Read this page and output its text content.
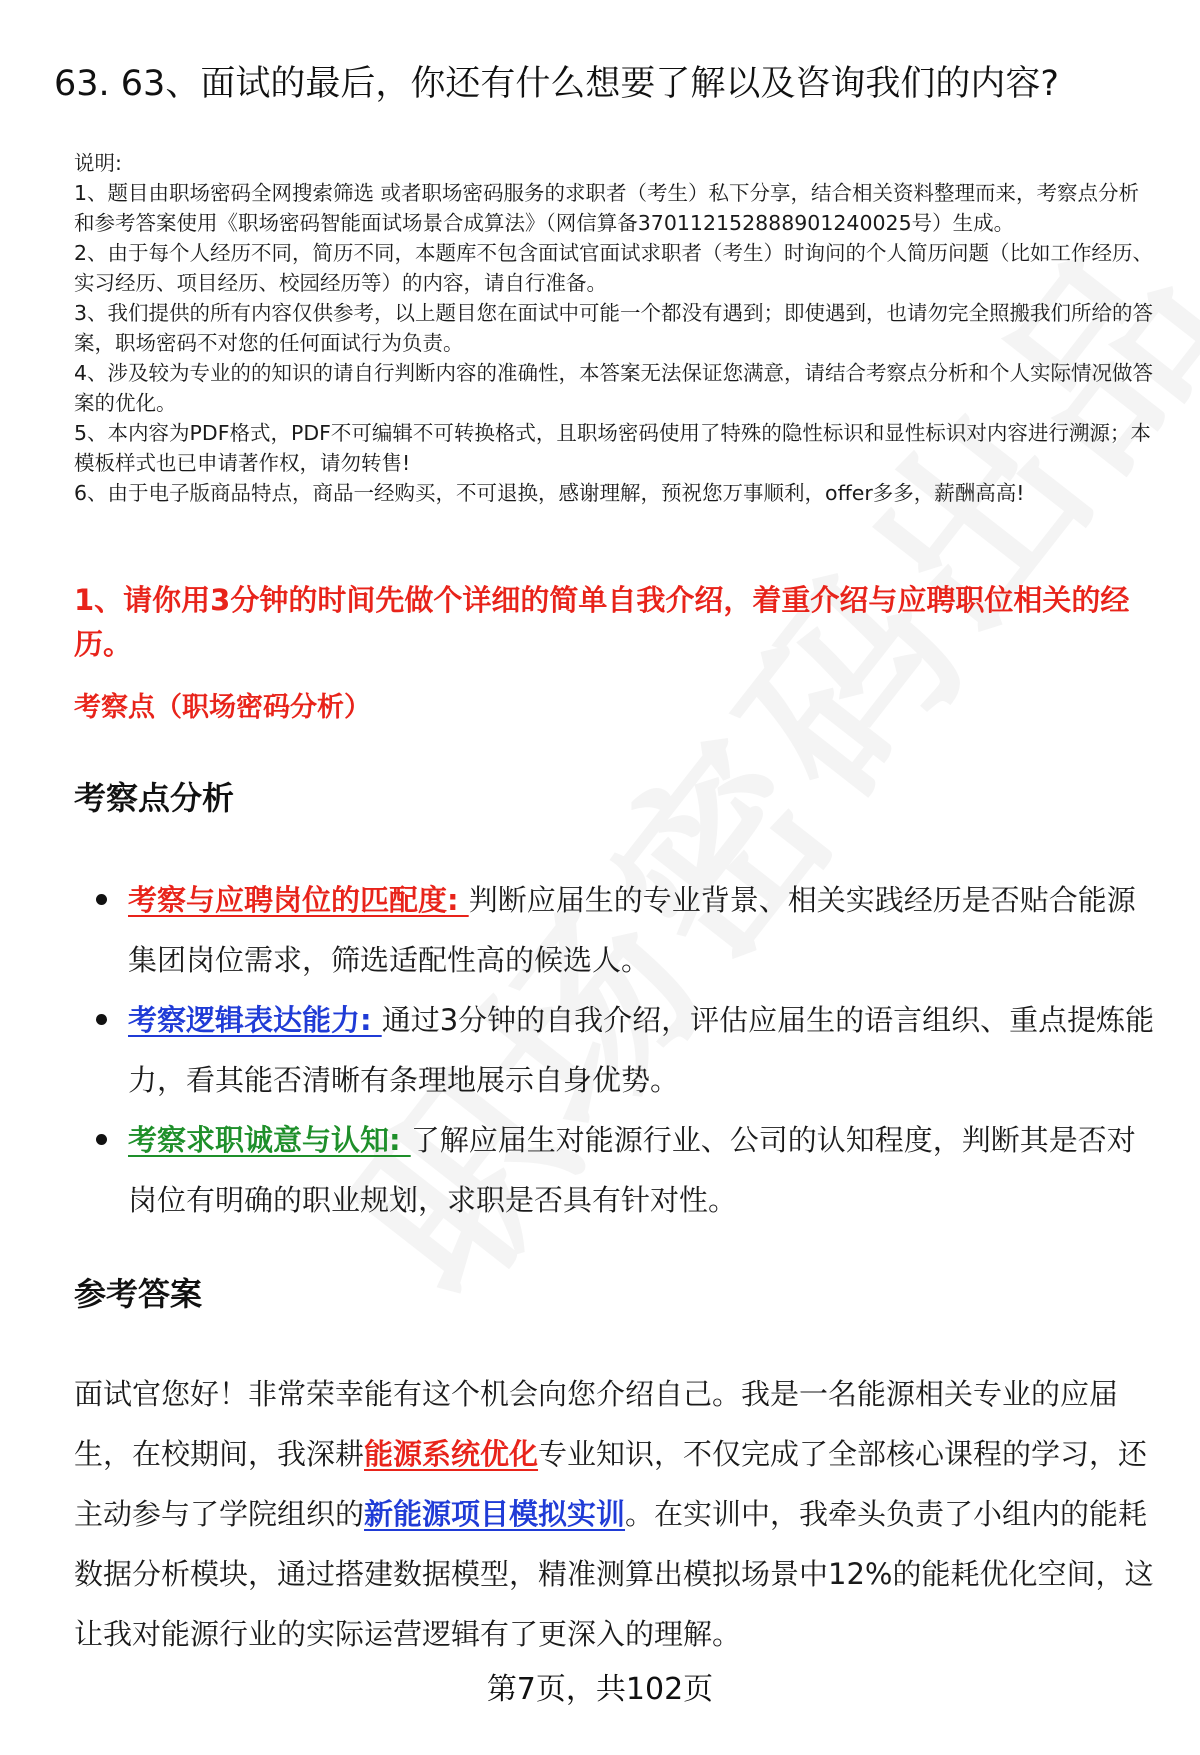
63. 63、面试的最后，你还有什么想要了解以及咨询我们的内容?

说明:

1、题目由职场密码全网搜索筛选 或者职场密码服务的求职者（考生）私下分享，结合相关资料整理而来，考察点分析和参考答案使用《职场密码智能面试场景合成算法》（网信算备370112152888901240025号）生成。

2、由于每个人经历不同，简历不同，本题库不包含面试官面试求职者（考生）时询问的个人简历问题（比如工作经历、实习经历、项目经历、校园经历等）的内容，请自行准备。

3、我们提供的所有内容仅供参考，以上题目您在面试中可能一个都没有遇到；即使遇到，也请勿完全照搬我们所给的答案，职场密码不对您的任何面试行为负责。

4、涉及较为专业的的知识的请自行判断内容的准确性，本答案无法保证您满意，请结合考察点分析和个人实际情况做答案的优化。

5、本内容为PDF格式，PDF不可编辑不可转换格式，且职场密码使用了特殊的隐性标识和显性标识对内容进行溯源；本模板样式也已申请著作权，请勿转售!

6、由于电子版商品特点，商品一经购买，不可退换，感谢理解，预祝您万事顺利，offer多多，薪酬高高!

1、请你用3分钟的时间先做个详细的简单自我介绍，着重介绍与应聘职位相关的经历。
考察点（职场密码分析）
考察点分析
考察与应聘岗位的匹配度: 判断应届生的专业背景、相关实践经历是否贴合能源集团岗位需求，筛选适配性高的候选人。
考察逻辑表达能力: 通过3分钟的自我介绍，评估应届生的语言组织、重点提炼能力，看其能否清晰有条理地展示自身优势。
考察求职诚意与认知: 了解应届生对能源行业、公司的认知程度，判断其是否对岗位有明确的职业规划，求职是否具有针对性。
参考答案

面试官您好！非常荣幸能有这个机会向您介绍自己。我是一名能源相关专业的应届生，在校期间，我深耕能源系统优化专业知识，不仅完成了全部核心课程的学习，还主动参与了学院组织的新能源项目模拟实训。在实训中，我牵头负责了小组内的能耗数据分析模块，通过搭建数据模型，精准测算出模拟场景中12%的能耗优化空间，这让我对能源行业的实际运营逻辑有了更深入的理解。

第7页，共102页
